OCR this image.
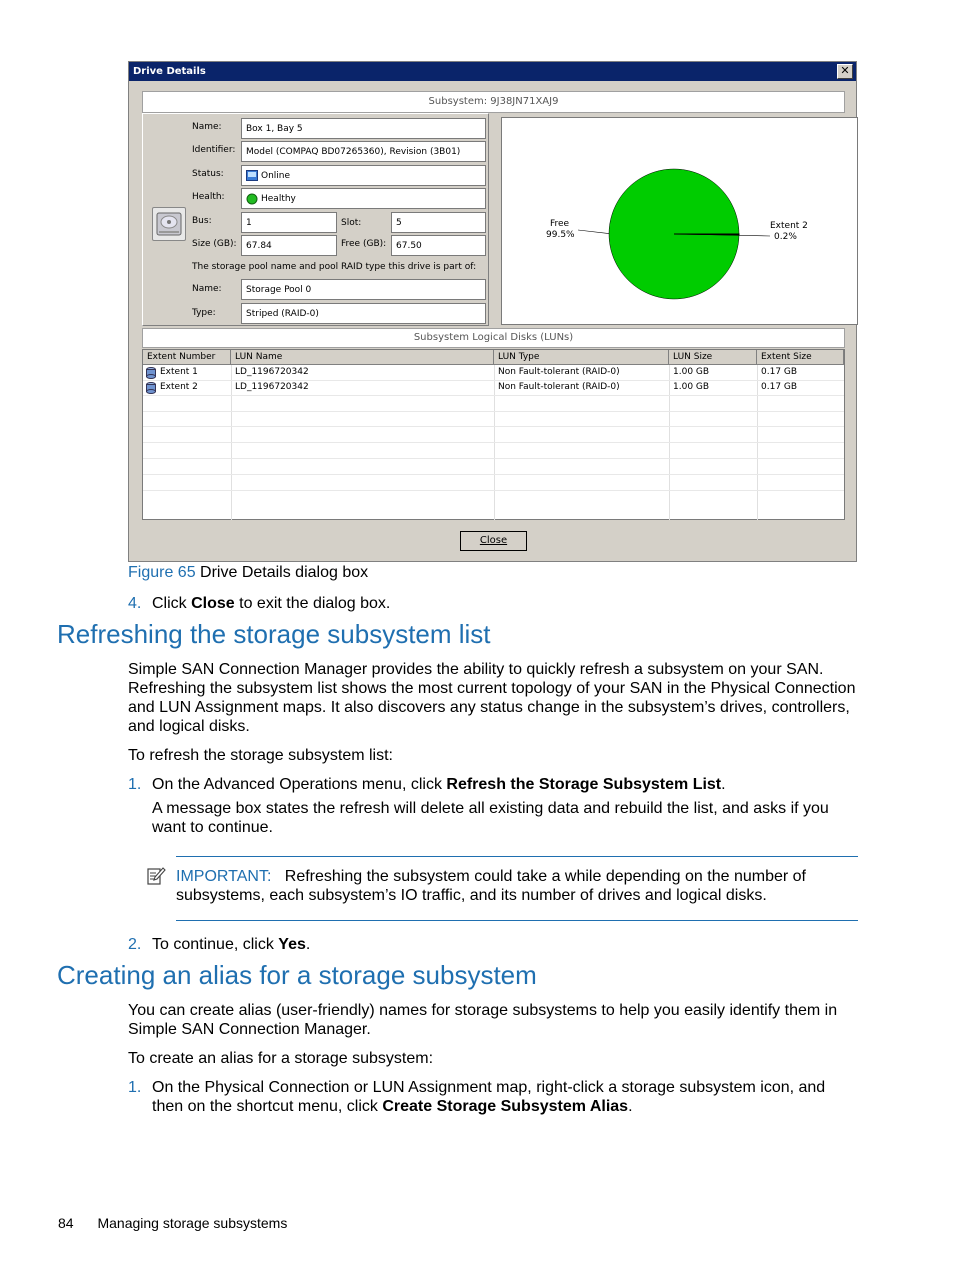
Drive Details	✕
Subsystem: 9J38JN71XAJ9
Name:	Box 1, Bay 5
Identifier: Model (COMPAQ BD07265360), Revision (3B01)
Status:	Online
Health:	Healthy
Bus:	1	Slot:	5
Size (GB): 67.84	Free (GB): 67.50
The storage pool name and pool RAID type this drive is part of:
Name:	Storage Pool 0
Type:	Striped (RAID-0)
Free
99.5%
Extent 2
0.2%
Subsystem Logical Disks (LUNs)
Extent Number	LUN Name	LUN Type	LUN Size	Extent Size
Extent 1	LD_1196720342	Non Fault-tolerant (RAID-0)	1.00 GB	0.17 GB
Extent 2	LD_1196720342	Non Fault-tolerant (RAID-0)	1.00 GB	0.17 GB
Close
Figure 65 Drive Details dialog box
4. Click Close to exit the dialog box.
Refreshing the storage subsystem list
Simple SAN Connection Manager provides the ability to quickly refresh a subsystem on your SAN. Refreshing the subsystem list shows the most current topology of your SAN in the Physical Connection and LUN Assignment maps. It also discovers any status change in the subsystem’s drives, controllers, and logical disks.
To refresh the storage subsystem list:
1. On the Advanced Operations menu, click Refresh the Storage Subsystem List.
A message box states the refresh will delete all existing data and rebuild the list, and asks if you want to continue.
IMPORTANT: Refreshing the subsystem could take a while depending on the number of subsystems, each subsystem’s IO traffic, and its number of drives and logical disks.
2. To continue, click Yes.
Creating an alias for a storage subsystem
You can create alias (user-friendly) names for storage subsystems to help you easily identify them in Simple SAN Connection Manager.
To create an alias for a storage subsystem:
1. On the Physical Connection or LUN Assignment map, right-click a storage subsystem icon, and then on the shortcut menu, click Create Storage Subsystem Alias.
84 Managing storage subsystems
